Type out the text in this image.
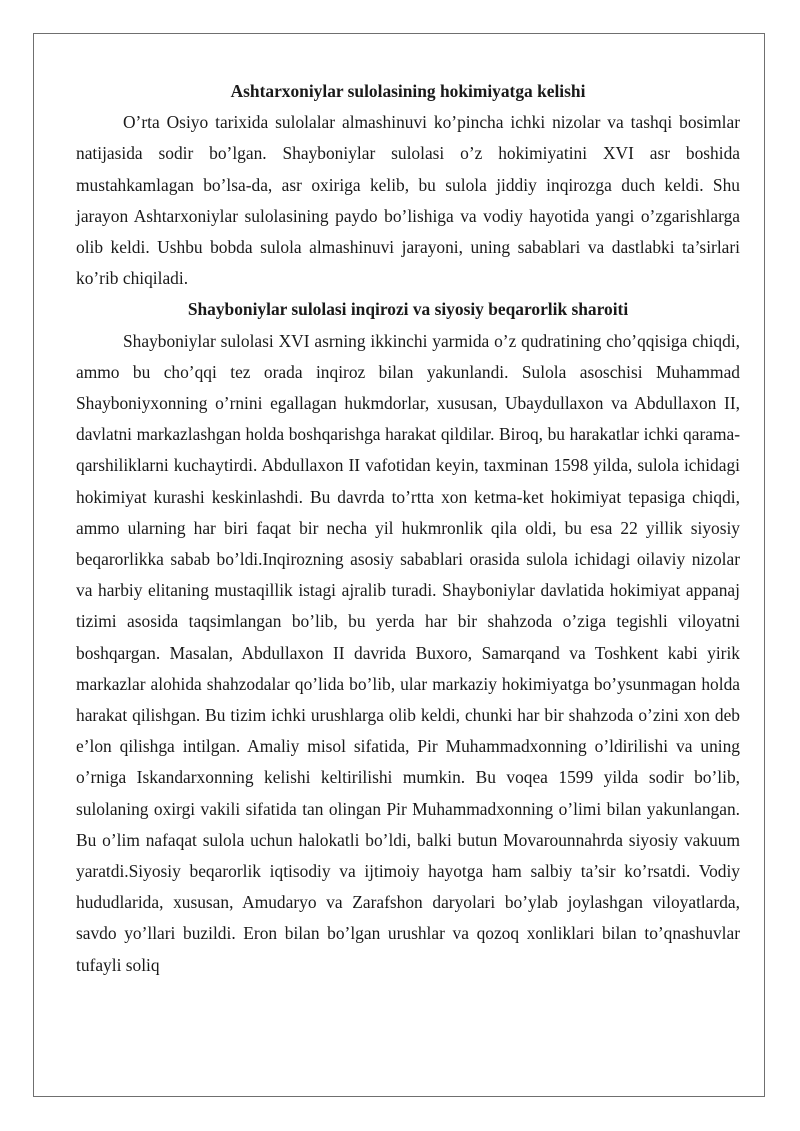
Ashtarxoniylar sulolasining hokimiyatga kelishi

O’rta Osiyo tarixida sulolalar almashinuvi ko’pincha ichki nizolar va tashqi bosimlar natijasida sodir bo’lgan. Shayboniylar sulolasi o’z hokimiyatini XVI asr boshida mustahkamlagan bo’lsa-da, asr oxiriga kelib, bu sulola jiddiy inqirozga duch keldi. Shu jarayon Ashtarxoniylar sulolasining paydo bo’lishiga va vodiy hayotida yangi o’zgarishlarga olib keldi. Ushbu bobda sulola almashinuvi jarayoni, uning sabablari va dastlabki ta’sirlari ko’rib chiqiladi.

Shayboniylar sulolasi inqirozi va siyosiy beqarorlik sharoiti

Shayboniylar sulolasi XVI asrning ikkinchi yarmida o’z qudratining cho’qqisiga chiqdi, ammo bu cho’qqi tez orada inqiroz bilan yakunlandi. Sulola asoschisi Muhammad Shayboniyxonning o’rnini egallagan hukmdorlar, xususan, Ubaydullaxon va Abdullaxon II, davlatni markazlashgan holda boshqarishga harakat qildilar. Biroq, bu harakatlar ichki qarama-qarshiliklarni kuchaytirdi. Abdullaxon II vafotidan keyin, taxminan 1598 yilda, sulola ichidagi hokimiyat kurashi keskinlashdi. Bu davrda to’rtta xon ketma-ket hokimiyat tepasiga chiqdi, ammo ularning har biri faqat bir necha yil hukmronlik qila oldi, bu esa 22 yillik siyosiy beqarorlikka sabab bo’ldi.Inqirozning asosiy sabablari orasida sulola ichidagi oilaviy nizolar va harbiy elitaning mustaqillik istagi ajralib turadi. Shayboniylar davlatida hokimiyat appanaj tizimi asosida taqsimlangan bo’lib, bu yerda har bir shahzoda o’ziga tegishli viloyatni boshqargan. Masalan, Abdullaxon II davrida Buxoro, Samarqand va Toshkent kabi yirik markazlar alohida shahzodalar qo’lida bo’lib, ular markaziy hokimiyatga bo’ysunmagan holda harakat qilishgan. Bu tizim ichki urushlarga olib keldi, chunki har bir shahzoda o’zini xon deb e’lon qilishga intilgan. Amaliy misol sifatida, Pir Muhammadxonning o’ldirilishi va uning o’rniga Iskandarxonning kelishi keltirilishi mumkin. Bu voqea 1599 yilda sodir bo’lib, sulolaning oxirgi vakili sifatida tan olingan Pir Muhammadxonning o’limi bilan yakunlangan. Bu o’lim nafaqat sulola uchun halokatli bo’ldi, balki butun Movarounnahrda siyosiy vakuum yaratdi.Siyosiy beqarorlik iqtisodiy va ijtimoiy hayotga ham salbiy ta’sir ko’rsatdi. Vodiy hududlarida, xususan, Amudaryo va Zarafshon daryolari bo’ylab joylashgan viloyatlarda, savdo yo’llari buzildi. Eron bilan bo’lgan urushlar va qozoq xonliklari bilan to’qnashuvlar tufayli soliq
